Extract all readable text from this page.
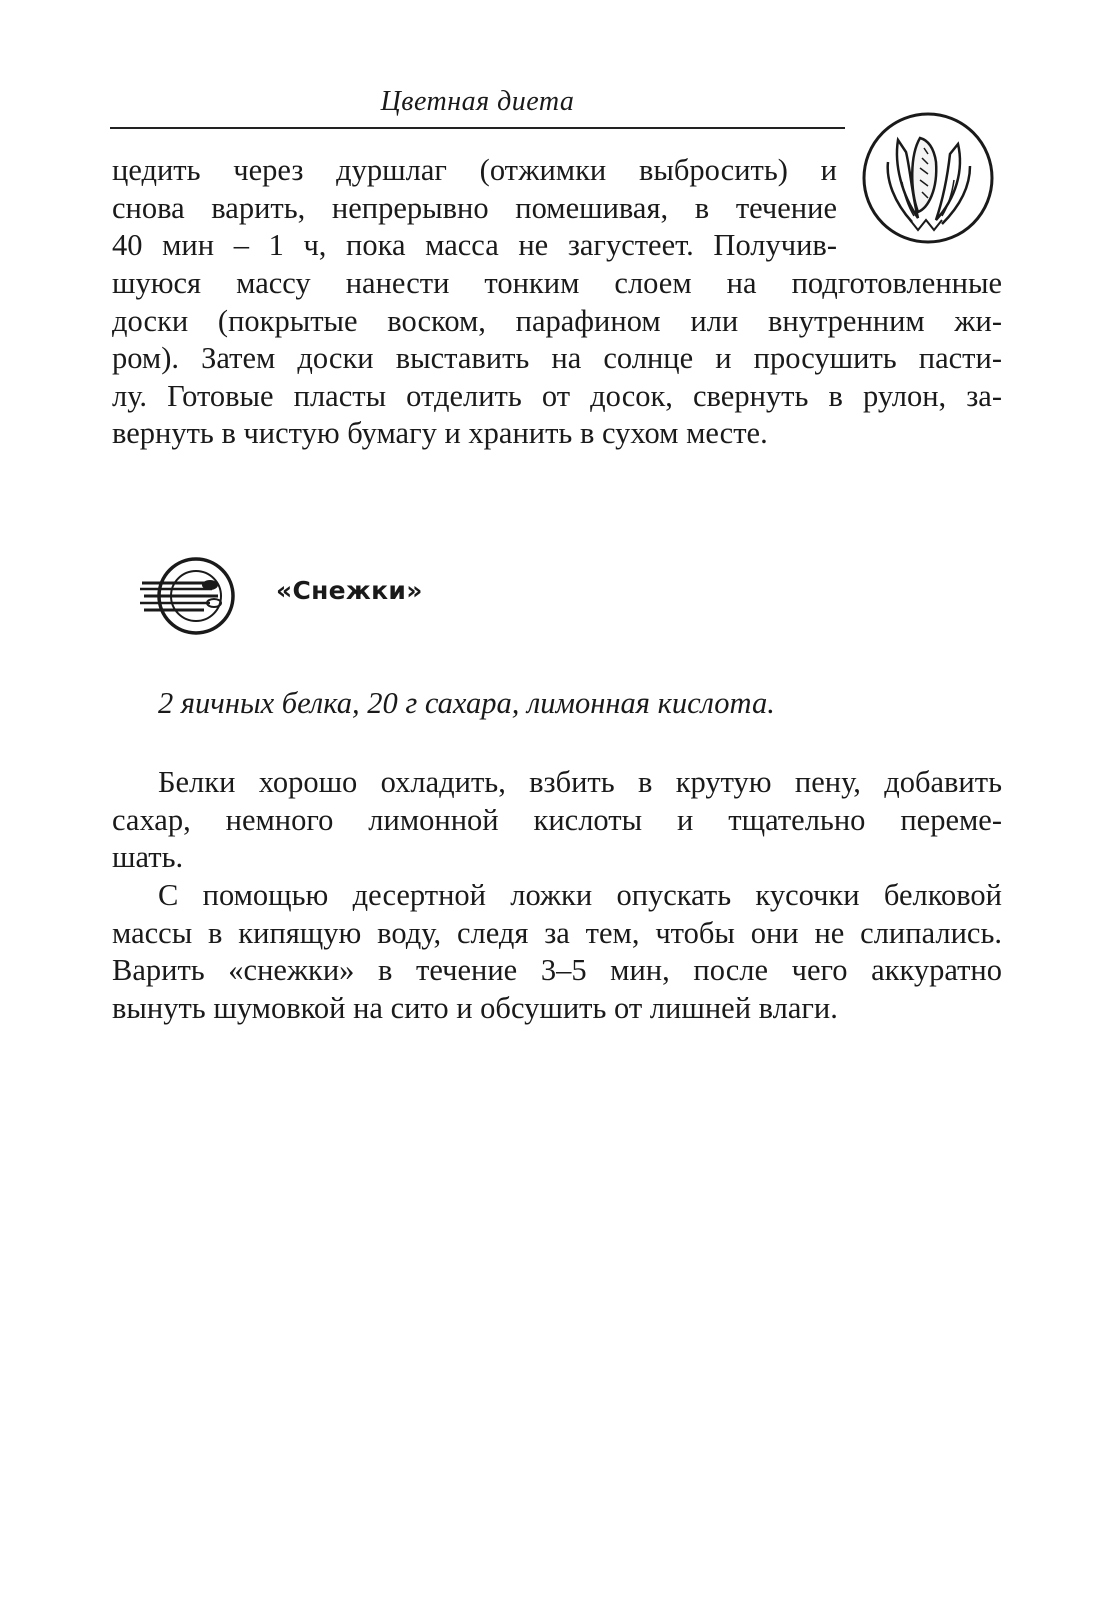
Цветная диета
цедить через дуршлаг (отжимки выбросить) и
снова варить, непрерывно помешивая, в течение
40 мин – 1 ч, пока масса не загустеет. Получив-
шуюся массу нанести тонким слоем на подготовленные
доски (покрытые воском, парафином или внутренним жи-
ром). Затем доски выставить на солнце и просушить пасти-
лу. Готовые пласты отделить от досок, свернуть в рулон, за-
вернуть в чистую бумагу и хранить в сухом месте.
«Снежки»
2 яичных белка, 20 г сахара, лимонная кислота.
Белки хорошо охладить, взбить в крутую пену, добавить
сахар, немного лимонной кислоты и тщательно переме-
шать.
С помощью десертной ложки опускать кусочки белковой
массы в кипящую воду, следя за тем, чтобы они не слипались.
Варить «снежки» в течение 3–5 мин, после чего аккуратно
вынуть шумовкой на сито и обсушить от лишней влаги.
